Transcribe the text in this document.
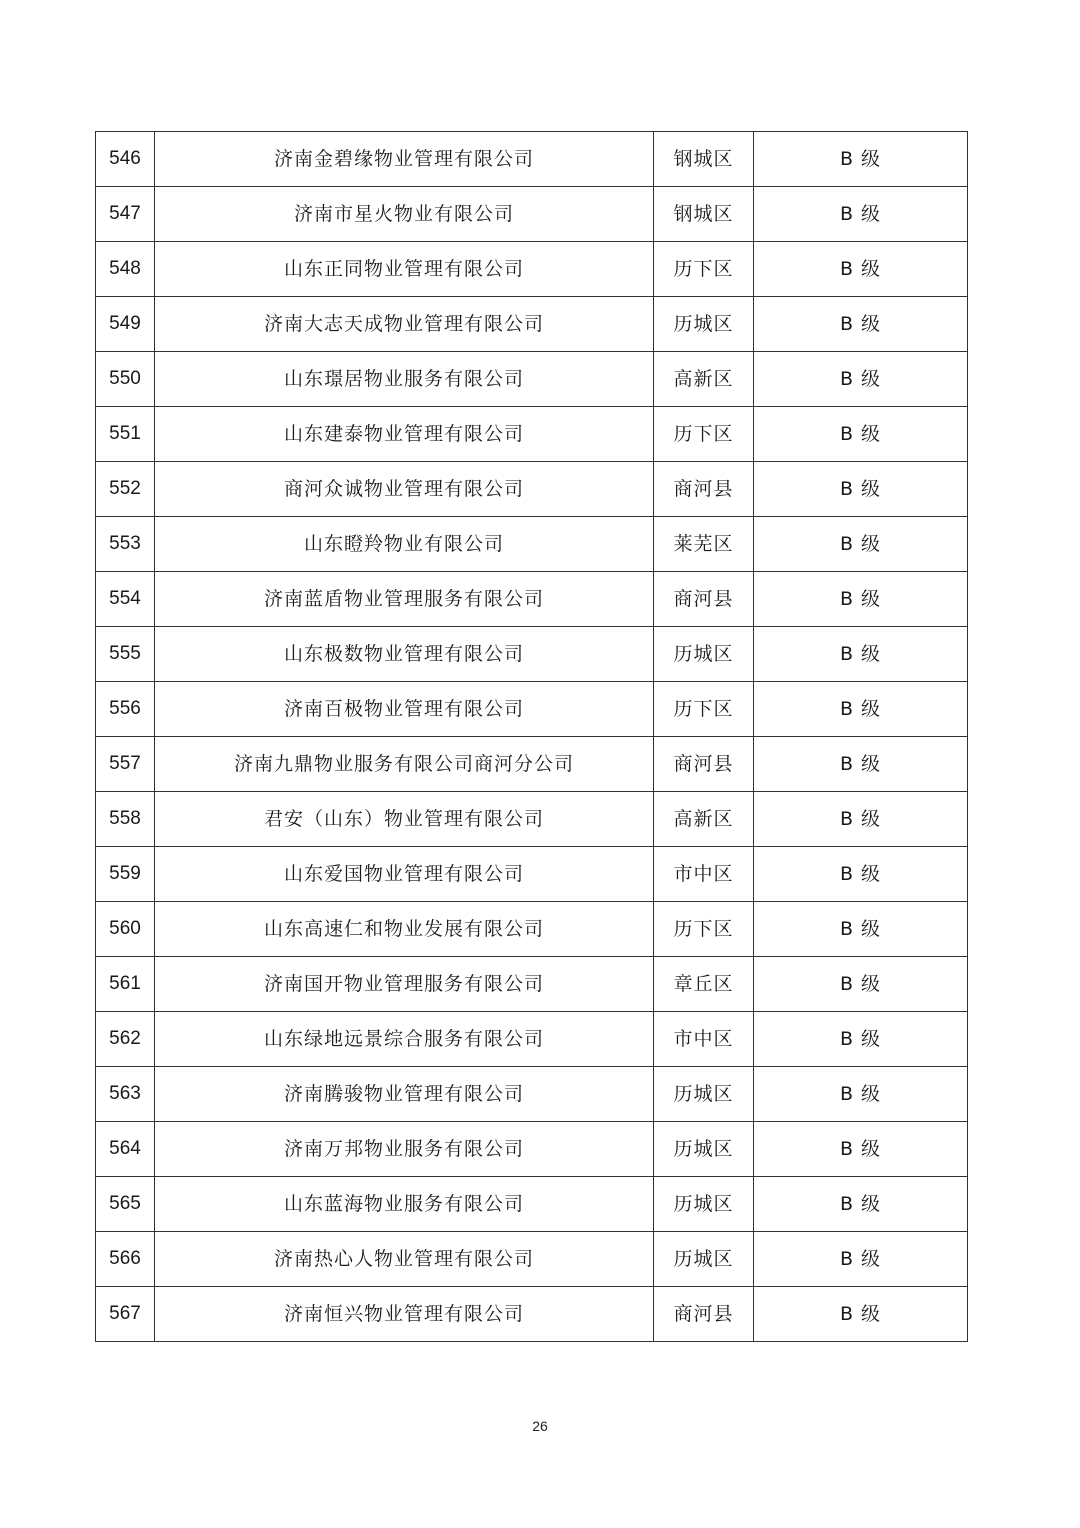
546	济南金碧缘物业管理有限公司	钢城区	B 级
547	济南市星火物业有限公司	钢城区	B 级
548	山东正同物业管理有限公司	历下区	B 级
549	济南大志天成物业管理有限公司	历城区	B 级
550	山东璟居物业服务有限公司	高新区	B 级
551	山东建泰物业管理有限公司	历下区	B 级
552	商河众诚物业管理有限公司	商河县	B 级
553	山东瞪羚物业有限公司	莱芜区	B 级
554	济南蓝盾物业管理服务有限公司	商河县	B 级
555	山东极数物业管理有限公司	历城区	B 级
556	济南百极物业管理有限公司	历下区	B 级
557	济南九鼎物业服务有限公司商河分公司	商河县	B 级
558	君安（山东）物业管理有限公司	高新区	B 级
559	山东爱国物业管理有限公司	市中区	B 级
560	山东高速仁和物业发展有限公司	历下区	B 级
561	济南国开物业管理服务有限公司	章丘区	B 级
562	山东绿地远景综合服务有限公司	市中区	B 级
563	济南腾骏物业管理有限公司	历城区	B 级
564	济南万邦物业服务有限公司	历城区	B 级
565	山东蓝海物业服务有限公司	历城区	B 级
566	济南热心人物业管理有限公司	历城区	B 级
567	济南恒兴物业管理有限公司	商河县	B 级
26
